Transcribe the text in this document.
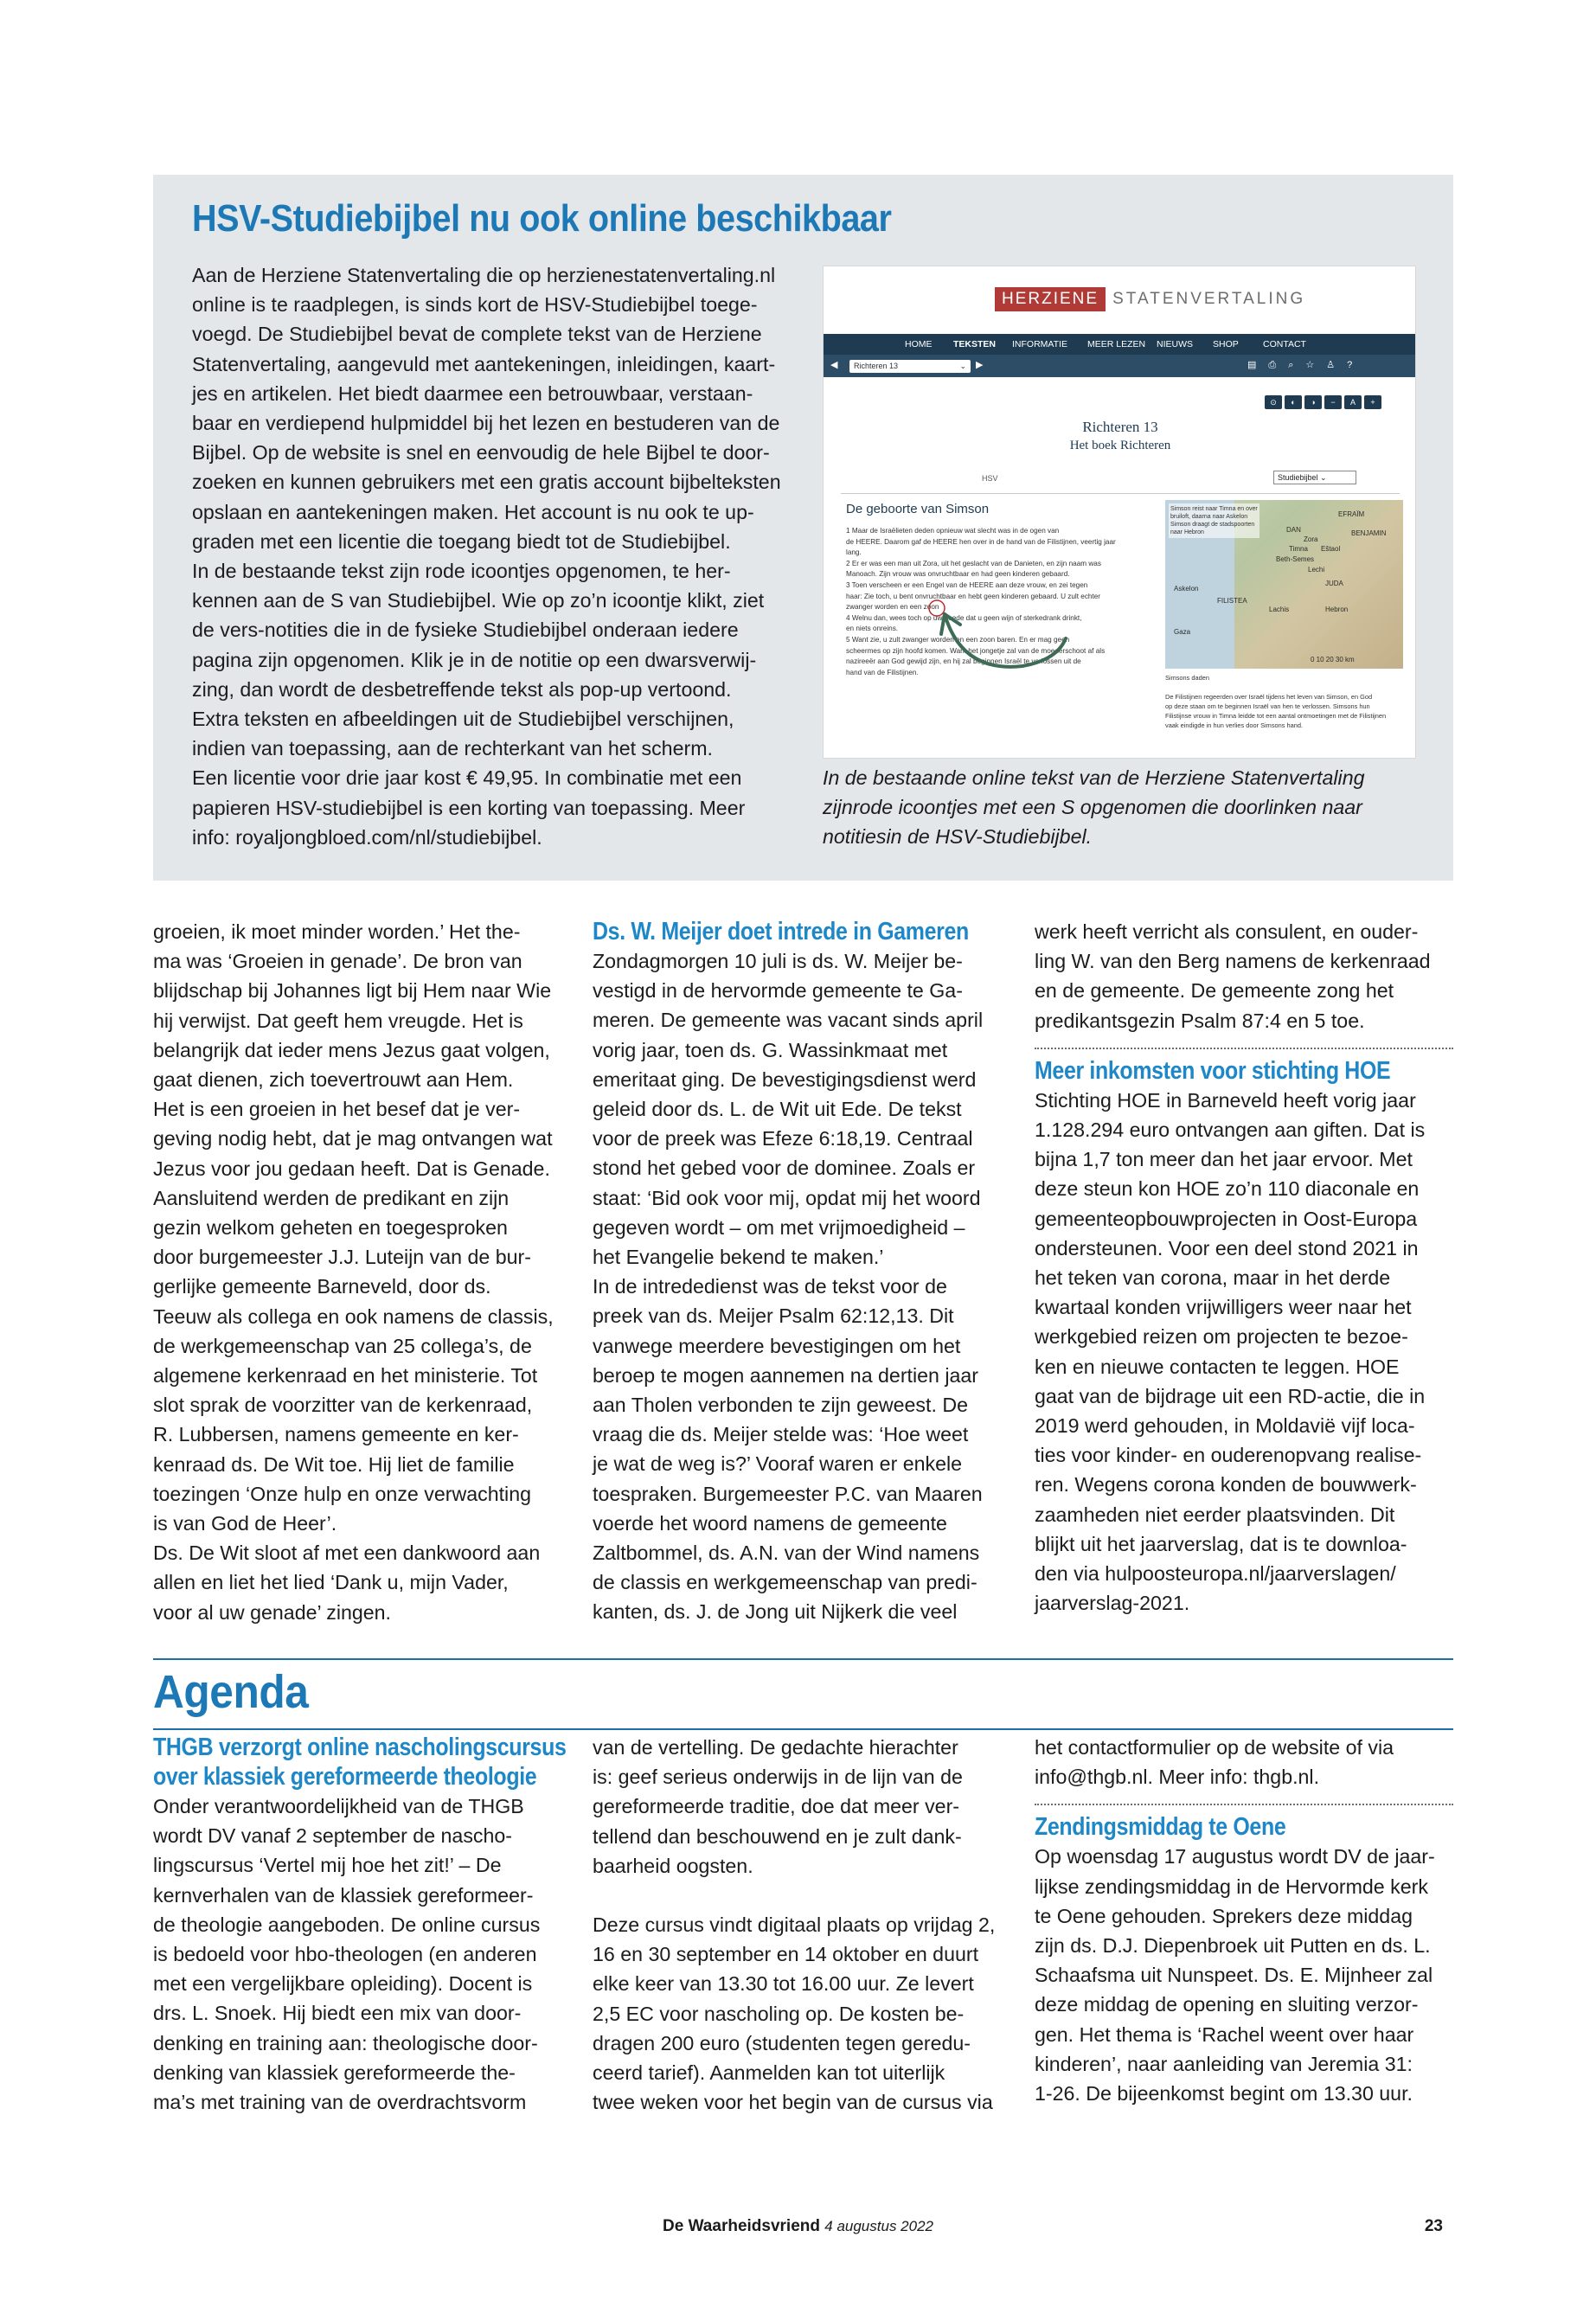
HSV-Studiebijbel nu ook online beschikbaar
Aan de Herziene Statenvertaling die op herzienestatenvertaling.nl
online is te raadplegen, is sinds kort de HSV-Studiebijbel toege-
voegd. De Studiebijbel bevat de complete tekst van de Herziene
Statenvertaling, aangevuld met aantekeningen, inleidingen, kaart-
jes en artikelen. Het biedt daarmee een betrouwbaar, verstaan-
baar en verdiepend hulpmiddel bij het lezen en bestuderen van de
Bijbel. Op de website is snel en eenvoudig de hele Bijbel te door-
zoeken en kunnen gebruikers met een gratis account bijbelteksten
opslaan en aantekeningen maken. Het account is nu ook te up-
graden met een licentie die toegang biedt tot de Studiebijbel.
In de bestaande tekst zijn rode icoontjes opgenomen, te her-
kennen aan de S van Studiebijbel. Wie op zo’n icoontje klikt, ziet
de vers-notities die in de fysieke Studiebijbel onderaan iedere
pagina zijn opgenomen. Klik je in de notitie op een dwarsverwij-
zing, dan wordt de desbetreffende tekst als pop-up vertoond.
Extra teksten en afbeeldingen uit de Studiebijbel verschijnen,
indien van toepassing, aan de rechterkant van het scherm.
Een licentie voor drie jaar kost € 49,95. In combinatie met een
papieren HSV-studiebijbel is een korting van toepassing. Meer
info: royaljongbloed.com/nl/studiebijbel.
HERZIENE STATENVERTALING
HOME TEKSTEN INFORMATIE MEER LEZEN NIEUWS SHOP	CONTACT
◀	▶
Richteren 13	⌄	▤⎙⌕☆♙?
⊙	◐	◑	−	A	+
Richteren 13
Het boek Richteren
HSV	Studiebijbel ⌄
De geboorte van Simson
1 Maar de Israëlieten deden opnieuw wat slecht was in de ogen van
de HEERE. Daarom gaf de HEERE hen over in de hand van de Filistijnen, veertig jaar
lang.
2 Er er was een man uit Zora, uit het geslacht van de Danieten, en zijn naam was
Manoach. Zijn vrouw was onvruchtbaar en had geen kinderen gebaard.
3 Toen verscheen er een Engel van de HEERE aan deze vrouw, en zei tegen
haar: Zie toch, u bent onvruchtbaar en hebt geen kinderen gebaard. U zult echter
zwanger worden en een zoon
4 Welnu dan, wees toch op uw hoede dat u geen wijn of sterkedrank drinkt,
en niets onreins.
5 Want zie, u zult zwanger worden en een zoon baren. En er mag geen
scheermes op zijn hoofd komen. Want het jongetje zal van de moederschoot af als
nazireeër aan God gewijd zijn, en hij zal beginnen Israël te verlossen uit de
hand van de Filistijnen.
Simson reist naar Timna en over
bruiloft, daarna naar Askelon
Simson draagt de stadspoorten
naar Hebron
EFRAÏM
DAN
Zora
BENJAMIN
Timna Eštaol
Beth-Semes
Lechi
JUDA
Askelon
Gaza
FILISTEA
Lachis	Hebron
0 10 20 30 km
Simsons daden

De Filistijnen regeerden over Israël tijdens het leven van Simson, en God
op deze staan om te beginnen Israël van hen te verlossen. Simsons hun
Filistijnse vrouw in Timna leidde tot een aantal ontmoetingen met de Filistijnen
vaak eindigde in hun verlies door Simsons hand.
In de bestaande online tekst van de Herziene Statenvertaling zijnrode icoontjes met een S opgenomen die doorlinken naar notitiesin de HSV-Studiebijbel.
groeien, ik moet minder worden.’ Het the-
ma was ‘Groeien in genade’. De bron van
blijdschap bij Johannes ligt bij Hem naar Wie
hij verwijst. Dat geeft hem vreugde. Het is
belangrijk dat ieder mens Jezus gaat volgen,
gaat dienen, zich toevertrouwt aan Hem.
Het is een groeien in het besef dat je ver-
geving nodig hebt, dat je mag ontvangen wat
Jezus voor jou gedaan heeft. Dat is Genade.
Aansluitend werden de predikant en zijn
gezin welkom geheten en toegesproken
door burgemeester J.J. Luteijn van de bur-
gerlijke gemeente Barneveld, door ds.
Teeuw als collega en ook namens de classis,
de werkgemeenschap van 25 collega’s, de
algemene kerkenraad en het ministerie. Tot
slot sprak de voorzitter van de kerkenraad,
R. Lubbersen, namens gemeente en ker-
kenraad ds. De Wit toe. Hij liet de familie
toezingen ‘Onze hulp en onze verwachting
is van God de Heer’.
Ds. De Wit sloot af met een dankwoord aan
allen en liet het lied ‘Dank u, mijn Vader,
voor al uw genade’ zingen.
Ds. W. Meijer doet intrede in Gameren
Zondagmorgen 10 juli is ds. W. Meijer be-
vestigd in de hervormde gemeente te Ga-
meren. De gemeente was vacant sinds april
vorig jaar, toen ds. G. Wassinkmaat met
emeritaat ging. De bevestigingsdienst werd
geleid door ds. L. de Wit uit Ede. De tekst
voor de preek was Efeze 6:18,19. Centraal
stond het gebed voor de dominee. Zoals er
staat: ‘Bid ook voor mij, opdat mij het woord
gegeven wordt – om met vrijmoedigheid –
het Evangelie bekend te maken.’
In de intrededienst was de tekst voor de
preek van ds. Meijer Psalm 62:12,13. Dit
vanwege meerdere bevestigingen om het
beroep te mogen aannemen na dertien jaar
aan Tholen verbonden te zijn geweest. De
vraag die ds. Meijer stelde was: ‘Hoe weet
je wat de weg is?’ Vooraf waren er enkele
toespraken. Burgemeester P.C. van Maaren
voerde het woord namens de gemeente
Zaltbommel, ds. A.N. van der Wind namens
de classis en werkgemeenschap van predi-
kanten, ds. J. de Jong uit Nijkerk die veel
werk heeft verricht als consulent, en ouder-
ling W. van den Berg namens de kerkenraad
en de gemeente. De gemeente zong het
predikantsgezin Psalm 87:4 en 5 toe.
Meer inkomsten voor stichting HOE
Stichting HOE in Barneveld heeft vorig jaar
1.128.294 euro ontvangen aan giften. Dat is
bijna 1,7 ton meer dan het jaar ervoor. Met
deze steun kon HOE zo’n 110 diaconale en
gemeenteopbouwprojecten in Oost-Europa
ondersteunen. Voor een deel stond 2021 in
het teken van corona, maar in het derde
kwartaal konden vrijwilligers weer naar het
werkgebied reizen om projecten te bezoe-
ken en nieuwe contacten te leggen. HOE
gaat van de bijdrage uit een RD-actie, die in
2019 werd gehouden, in Moldavië vijf loca-
ties voor kinder- en ouderenopvang realise-
ren. Wegens corona konden de bouwwerk-
zaamheden niet eerder plaatsvinden. Dit
blijkt uit het jaarverslag, dat is te downloa-
den via hulpoosteuropa.nl/jaarverslagen/
jaarverslag-2021.
Agenda
THGB verzorgt online nascholingscursus
over klassiek gereformeerde theologie
Onder verantwoordelijkheid van de THGB
wordt DV vanaf 2 september de nascho-
lingscursus ‘Vertel mij hoe het zit!’ – De
kernverhalen van de klassiek gereformeer-
de theologie aangeboden. De online cursus
is bedoeld voor hbo-theologen (en anderen
met een vergelijkbare opleiding). Docent is
drs. L. Snoek. Hij biedt een mix van door-
denking en training aan: theologische door-
denking van klassiek gereformeerde the-
ma’s met training van de overdrachtsvorm
van de vertelling. De gedachte hierachter
is: geef serieus onderwijs in de lijn van de
gereformeerde traditie, doe dat meer ver-
tellend dan beschouwend en je zult dank-
baarheid oogsten.
Deze cursus vindt digitaal plaats op vrijdag 2,
16 en 30 september en 14 oktober en duurt
elke keer van 13.30 tot 16.00 uur. Ze levert
2,5 EC voor nascholing op. De kosten be-
dragen 200 euro (studenten tegen geredu-
ceerd tarief). Aanmelden kan tot uiterlijk
twee weken voor het begin van de cursus via
het contactformulier op de website of via
info@thgb.nl. Meer info: thgb.nl.
Zendingsmiddag te Oene
Op woensdag 17 augustus wordt DV de jaar-
lijkse zendingsmiddag in de Hervormde kerk
te Oene gehouden. Sprekers deze middag
zijn ds. D.J. Diepenbroek uit Putten en ds. L.
Schaafsma uit Nunspeet. Ds. E. Mijnheer zal
deze middag de opening en sluiting verzor-
gen. Het thema is ‘Rachel weent over haar
kinderen’, naar aanleiding van Jeremia 31:
1-26. De bijeenkomst begint om 13.30 uur.
De Waarheidsvriend 4 augustus 2022	23
